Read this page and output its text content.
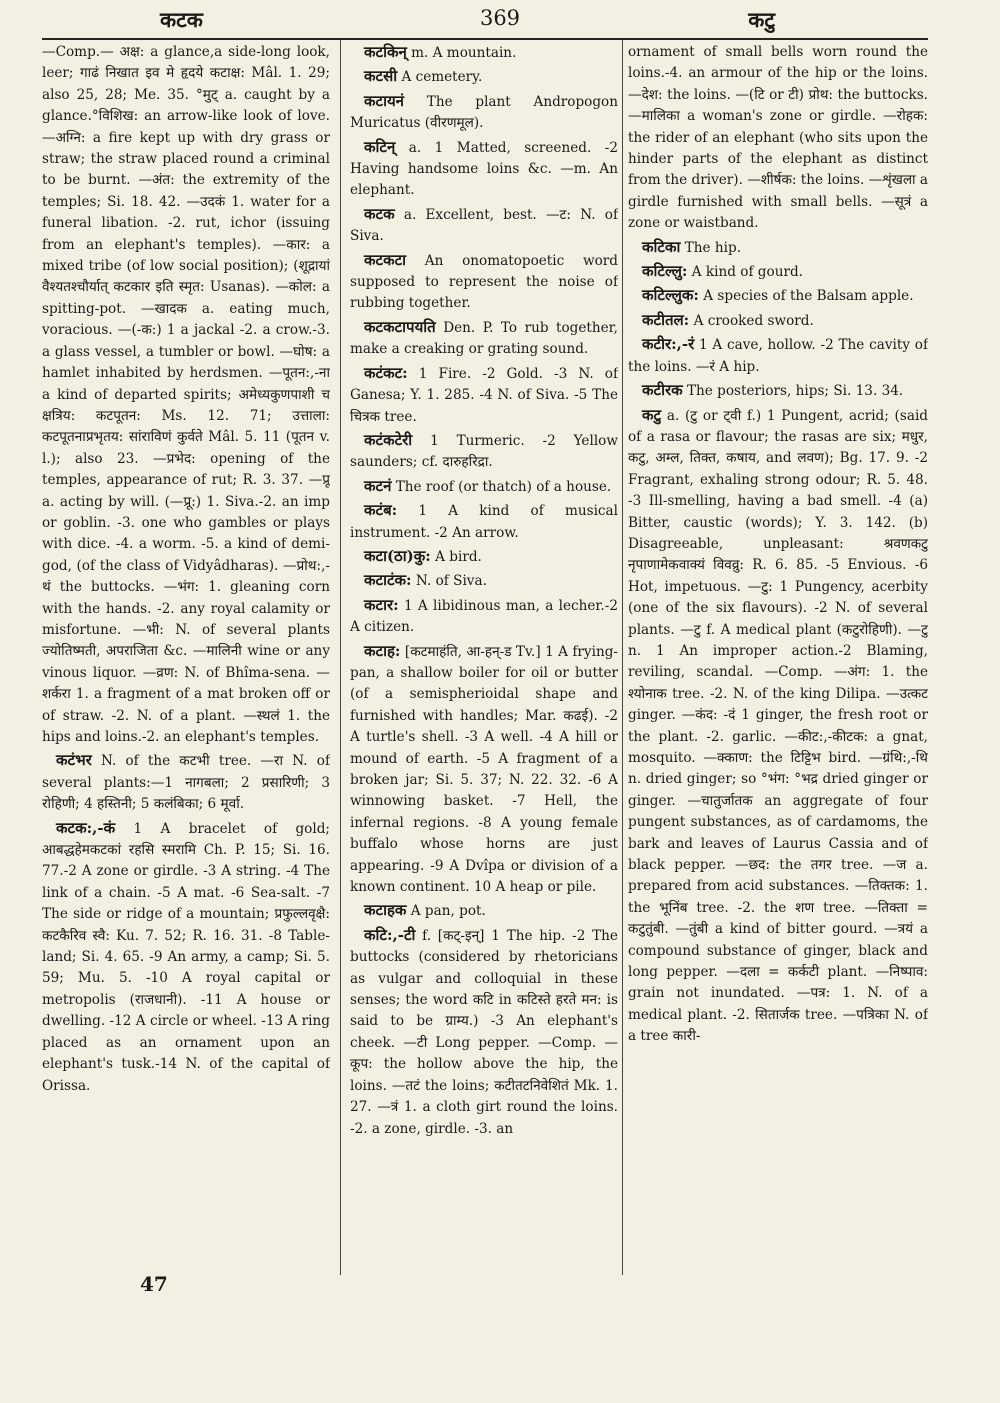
कटक	369	कटु

—Comp.— अक्ष: a glance,a side-long look, leer; गाढं निखात इव मे हृदये कटाक्ष: Mâl. 1. 29; also 25, 28; Me. 35. °मुट् a. caught by a glance.°विशिख: an arrow-like look of love. —अग्नि: a fire kept up with dry grass or straw; the straw placed round a criminal to be burnt. —अंत: the extremity of the temples; Si. 18. 42. —उदकं 1. water for a funeral libation. -2. rut, ichor (issuing from an elephant's temples). —कार: a mixed tribe (of low social position); (शूद्रायां वैश्यतश्चौर्यात् कटकार इति स्मृत: Usanas). —कोल: a spitting-pot. —खादक a. eating much, voracious. —(-क:) 1 a jackal -2. a crow.-3. a glass vessel, a tumbler or bowl. —घोष: a hamlet inhabited by herdsmen. —पूतन:,-ना a kind of departed spirits; अमेध्यकुणपाशी च क्षत्रिय: कटपूतन: Ms. 12. 71; उत्ताला: कटपूतनाप्रभृतय: सांराविणं कुर्वते Mâl. 5. 11 (पूतन v. l.); also 23. —प्रभेद: opening of the temples, appearance of rut; R. 3. 37. —प्रू a. acting by will. (—प्रू:) 1. Siva.-2. an imp or goblin. -3. one who gambles or plays with dice. -4. a worm. -5. a kind of demi-god, (of the class of Vidyâdharas). —प्रोथ:,-थं the buttocks. —भंग: 1. gleaning corn with the hands. -2. any royal calamity or misfortune. —भी: N. of several plants ज्योतिष्मती, अपराजिता &c. —मालिनी wine or any vinous liquor. —व्रण: N. of Bhîma-sena. —शर्करा 1. a fragment of a mat broken off or of straw. -2. N. of a plant. —स्थलं 1. the hips and loins.-2. an elephant's temples.

कटंभर N. of the कटभी tree. —रा N. of several plants:—1 नागबला; 2 प्रसारिणी; 3 रोहिणी; 4 हस्तिनी; 5 कलंबिका; 6 मूर्वा.

कटक:,-कं 1 A bracelet of gold; आबद्धहेमकटकां रहसि स्मरामि Ch. P. 15; Si. 16. 77.-2 A zone or girdle. -3 A string. -4 The link of a chain. -5 A mat. -6 Sea-salt. -7 The side or ridge of a mountain; प्रफुल्लवृक्षै: कटकैरिव स्वै: Ku. 7. 52; R. 16. 31. -8 Table-land; Si. 4. 65. -9 An army, a camp; Si. 5. 59; Mu. 5. -10 A royal capital or metropolis (राजधानी). -11 A house or dwelling. -12 A circle or wheel. -13 A ring placed as an ornament upon an elephant's tusk.-14 N. of the capital of Orissa.

कटकिन् m. A mountain.

कटसी A cemetery.

कटायनं The plant Andropogon Muricatus (वीरणमूल).

कटिन् a. 1 Matted, screened. -2 Having handsome loins &c. —m. An elephant.

कटक a. Excellent, best. —ट: N. of Siva.

कटकटा An onomatopoetic word supposed to represent the noise of rubbing together.

कटकटापयति Den. P. To rub together, make a creaking or grating sound.

कटंकट: 1 Fire. -2 Gold. -3 N. of Ganesa; Y. 1. 285. -4 N. of Siva. -5 The चित्रक tree.

कटंकटेरी 1 Turmeric. -2 Yellow saunders; cf. दारुहरिद्रा.

कटनं The roof (or thatch) of a house.

कटंब: 1 A kind of musical instrument. -2 An arrow.

कटा(ठा)कु: A bird.

कटाटंक: N. of Siva.

कटार: 1 A libidinous man, a lecher.-2 A citizen.

कटाह: [कटमाहंति, आ-हन्-ड Tv.] 1 A frying-pan, a shallow boiler for oil or butter (of a semispherioidal shape and furnished with handles; Mar. कढई). -2 A turtle's shell. -3 A well. -4 A hill or mound of earth. -5 A fragment of a broken jar; Si. 5. 37; N. 22. 32. -6 A winnowing basket. -7 Hell, the infernal regions. -8 A young female buffalo whose horns are just appearing. -9 A Dvîpa or division of a known continent. 10 A heap or pile.

कटाहक A pan, pot.

कटि:,-टी f. [कट्-इन्] 1 The hip. -2 The buttocks (considered by rhetoricians as vulgar and colloquial in these senses; the word कटि in कटिस्ते हरते मन: is said to be ग्राम्य.) -3 An elephant's cheek. —टी Long pepper. —Comp. —कूप: the hollow above the hip, the loins. —तटं the loins; कटीतटनिवेशितं Mk. 1. 27. —त्रं 1. a cloth girt round the loins. -2. a zone, girdle. -3. an

ornament of small bells worn round the loins.-4. an armour of the hip or the loins. —देश: the loins. —(टि or टी) प्रोथ: the buttocks. —मालिका a woman's zone or girdle. —रोहक: the rider of an elephant (who sits upon the hinder parts of the elephant as distinct from the driver). —शीर्षक: the loins. —शृंखला a girdle furnished with small bells. —सूत्रं a zone or waistband.

कटिका The hip.

कटिल्लु: A kind of gourd.

कटिल्लुक: A species of the Balsam apple.

कटीतल: A crooked sword.

कटीर:,-रं 1 A cave, hollow. -2 The cavity of the loins. —रं A hip.

कटीरक The posteriors, hips; Si. 13. 34.

कटु a. (टु or ट्वी f.) 1 Pungent, acrid; (said of a rasa or flavour; the rasas are six; मधुर, कटु, अम्ल, तिक्त, कषाय, and लवण); Bg. 17. 9. -2 Fragrant, exhaling strong odour; R. 5. 48. -3 Ill-smelling, having a bad smell. -4 (a) Bitter, caustic (words); Y. 3. 142. (b) Disagreeable, unpleasant: श्रवणकटु नृपाणामेकवाक्यं विवव्रु: R. 6. 85. -5 Envious. -6 Hot, impetuous. —टु: 1 Pungency, acerbity (one of the six flavours). -2 N. of several plants. —टु f. A medical plant (कटुरोहिणी). —टु n. 1 An improper action.-2 Blaming, reviling, scandal. —Comp. —अंग: 1. the श्योनाक tree. -2. N. of the king Dilipa. —उत्कट ginger. —कंद: -दं 1 ginger, the fresh root or the plant. -2. garlic. —कीट:,-कीटक: a gnat, mosquito. —क्काण: the टिट्टिभ bird. —ग्रंथि:,-थि n. dried ginger; so °भंग: °भद्र dried ginger or ginger. —चातुर्जातक an aggregate of four pungent substances, as of cardamoms, the bark and leaves of Laurus Cassia and of black pepper. —छद: the तगर tree. —ज a. prepared from acid substances. —तिक्तक: 1. the भूनिंब tree. -2. the शण tree. —तिक्ता = कटुतुंबी. —तुंबी a kind of bitter gourd. —त्रयं a compound substance of ginger, black and long pepper. —दला = कर्कटी plant. —निष्पाव: grain not inundated. —पत्र: 1. N. of a medical plant. -2. सितार्जक tree. —पत्रिका N. of a tree कारी-

47
